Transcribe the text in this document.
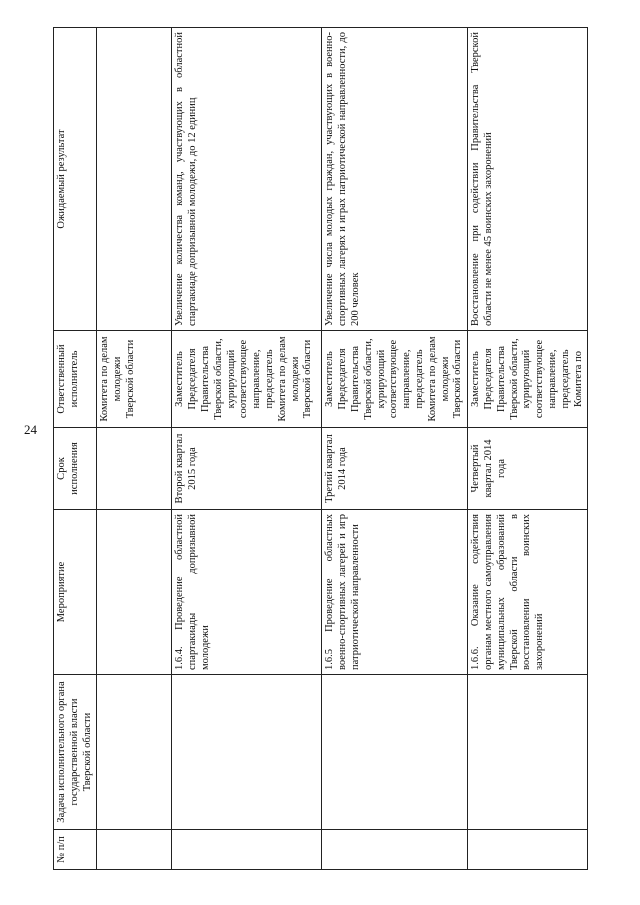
24
№ п/п	Задача исполнительного органа государственной власти Тверской области	Мероприятие	Срок исполнения	Ответственный исполнитель	Ожидаемый результат
				Комитета по делам молодежи Тверской области	
		1.6.4. Проведение областной спартакиады допризывной молодежи	Второй квартал 2015 года	Заместитель Председателя Правительства Тверской области, курирующий соответствующее направление, председатель Комитета по делам молодежи Тверской области	Увеличение количества команд, участвующих в областной спартакиаде допризывной молодежи, до 12 единиц
		1.6.5 Проведение областных военно-спортивных лагерей и игр патриотической направленности	Третий квартал 2014 года	Заместитель Председателя Правительства Тверской области, курирующий соответствующее направление, председатель Комитета по делам молодежи Тверской области	Увеличение числа молодых граждан, участвующих в военно-спортивных лагерях и играх патриотической направленности, до 200 человек
		1.6.6. Оказание содействия органам местного самоуправления муниципальных образований Тверской области в восстановлении воинских захоронений	Четвертый квартал 2014 года	Заместитель Председателя Правительства Тверской области, курирующий соответствующее направление, председатель Комитета по	Восстановление при содействии Правительства Тверской области не менее 45 воинских захоронений
